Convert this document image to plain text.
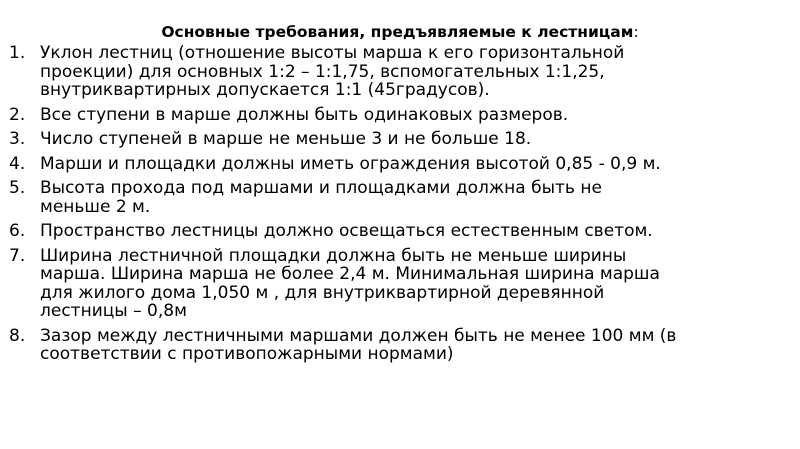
Основные требования, предъявляемые к лестницам:
1. Уклон лестниц (отношение высоты марша к его горизонтальной
проекции) для основных 1:2 – 1:1,75, вспомогательных 1:1,25,
внутриквартирных допускается 1:1 (45градусов).
2. Все ступени в марше должны быть одинаковых размеров.
3. Число ступеней в марше не меньше 3 и не больше 18.
4. Марши и площадки должны иметь ограждения высотой 0,85 - 0,9 м.
5. Высота прохода под маршами и площадками должна быть не
меньше 2 м.
6. Пространство лестницы должно освещаться естественным светом.
7. Ширина лестничной площадки должна быть не меньше ширины
марша. Ширина марша не более 2,4 м. Минимальная ширина марша
для жилого дома 1,050 м , для внутриквартирной деревянной
лестницы – 0,8м
8. Зазор между лестничными маршами должен быть не менее 100 мм (в
соответствии с противопожарными нормами)
